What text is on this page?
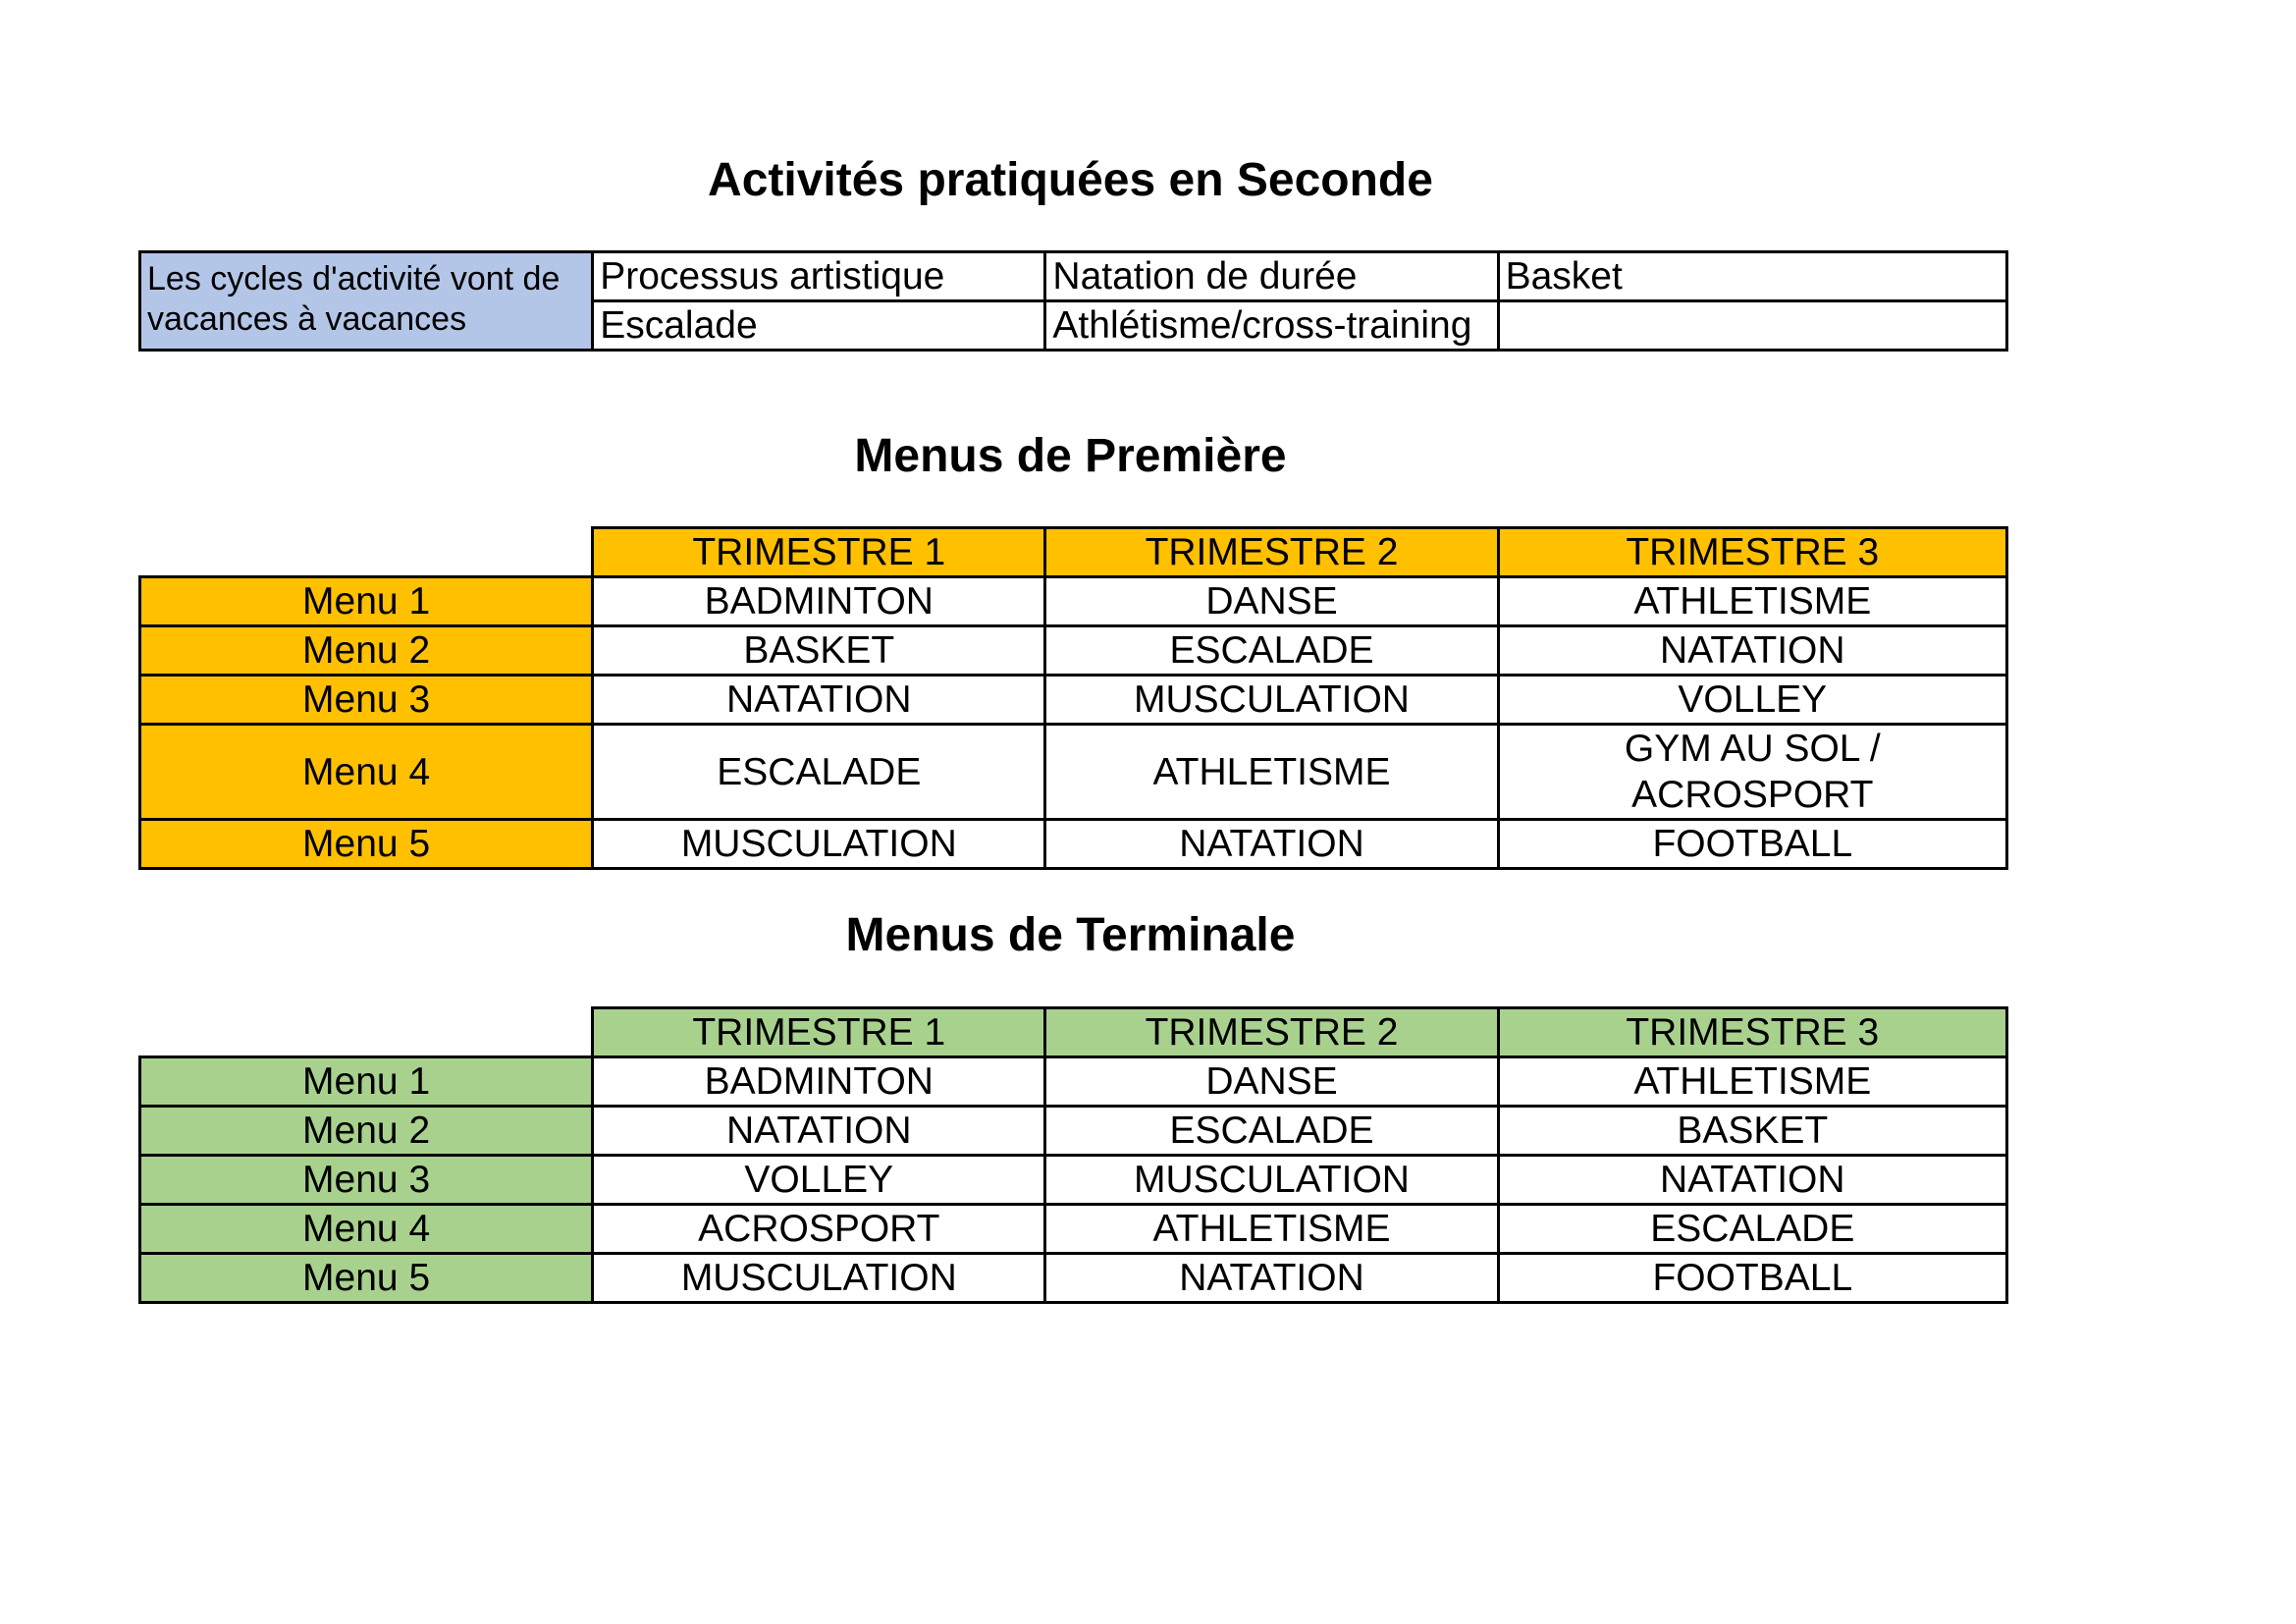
Activités pratiquées en Seconde
Les cycles d'activité vont de vacances à vacances	Processus artistique	Natation de durée	Basket
	Escalade	Athlétisme/cross-training	
Menus de Première
	TRIMESTRE 1	TRIMESTRE 2	TRIMESTRE 3
Menu 1	BADMINTON	DANSE	ATHLETISME
Menu 2	BASKET	ESCALADE	NATATION
Menu 3	NATATION	MUSCULATION	VOLLEY
Menu 4	ESCALADE	ATHLETISME	GYM AU SOL / ACROSPORT
Menu 5	MUSCULATION	NATATION	FOOTBALL
Menus de Terminale
	TRIMESTRE 1	TRIMESTRE 2	TRIMESTRE 3
Menu 1	BADMINTON	DANSE	ATHLETISME
Menu 2	NATATION	ESCALADE	BASKET
Menu 3	VOLLEY	MUSCULATION	NATATION
Menu 4	ACROSPORT	ATHLETISME	ESCALADE
Menu 5	MUSCULATION	NATATION	FOOTBALL
